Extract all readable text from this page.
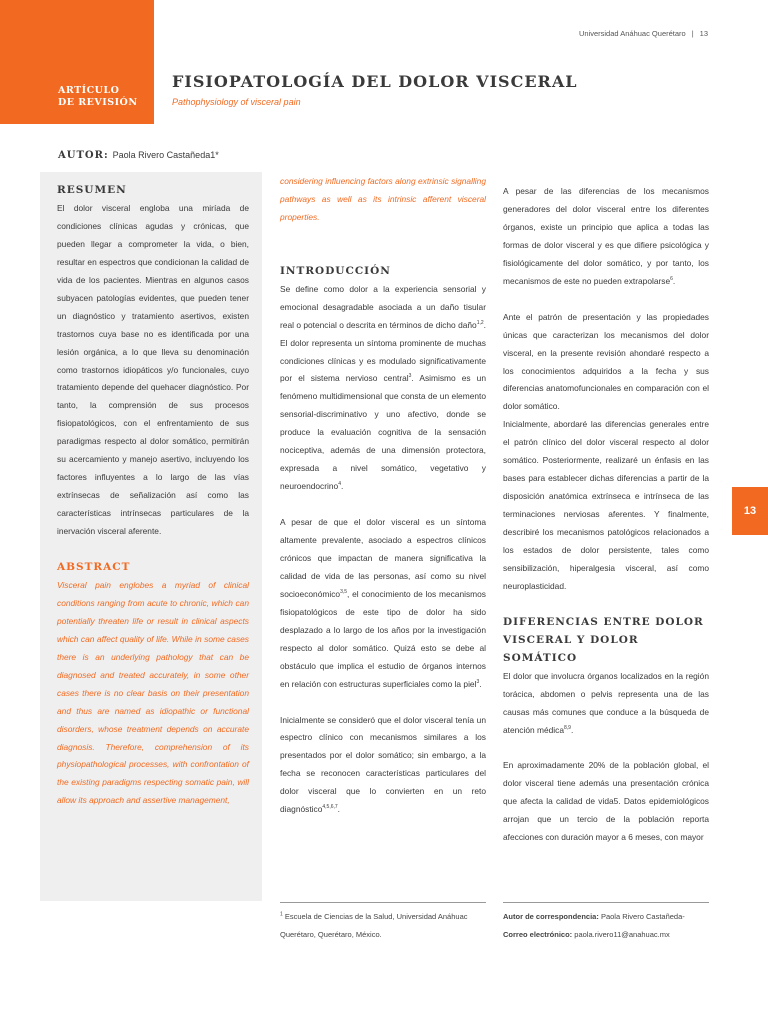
ARTÍCULO
DE REVISIÓN
Universidad Anáhuac Querétaro | 13
FISIOPATOLOGÍA DEL DOLOR VISCERAL
Pathophysiology of visceral pain
AUTOR: Paola Rivero Castañeda1*
RESUMEN

El dolor visceral engloba una miríada de condiciones clínicas agudas y crónicas, que pueden llegar a comprometer la vida, o bien, resultar en espectros que condicionan la calidad de vida de los pacientes. Mientras en algunos casos subyacen patologías evidentes, que pueden tener un diagnóstico y tratamiento asertivos, existen trastornos cuya base no es identificada por una lesión orgánica, a lo que lleva su denominación como trastornos idiopáticos y/o funcionales, cuyo tratamiento depende del quehacer diagnóstico. Por tanto, la comprensión de sus procesos fisiopatológicos, con el enfrentamiento de sus paradigmas respecto al dolor somático, permitirán su acercamiento y manejo asertivo, incluyendo los factores influyentes a lo largo de las vías extrínsecas de señalización así como las características intrínsecas particulares de la inervación visceral aferente.

ABSTRACT

Visceral pain englobes a myriad of clinical conditions ranging from acute to chronic, which can potentially threaten life or result in clinical aspects which can affect quality of life. While in some cases there is an underlying pathology that can be diagnosed and treated accurately, in some other cases there is no clear basis on their presentation and thus are named as idiopathic or functional disorders, whose treatment depends on accurate diagnosis. Therefore, comprehension of its physiopathological processes, with confrontation of the existing paradigms respecting somatic pain, will allow its approach and assertive management,

considering influencing factors along extrinsic signalling pathways as well as its intrinsic afferent visceral properties.

INTRODUCCIÓN

Se define como dolor a la experiencia sensorial y emocional desagradable asociada a un daño tisular real o potencial o descrita en términos de dicho daño$^{1,2}$. El dolor representa un síntoma prominente de muchas condiciones clínicas y es modulado significativamente por el sistema nervioso central$^3$. Asimismo es un fenómeno multidimensional que consta de un elemento sensorial-discriminativo y uno afectivo, donde se produce la evaluación cognitiva de la sensación nociceptiva, además de una dimensión protectora, expresada a nivel somático, vegetativo y neuroendocrino$^4$.

A pesar de que el dolor visceral es un síntoma altamente prevalente, asociado a espectros clínicos crónicos que impactan de manera significativa la calidad de vida de las personas, así como su nivel socioeconómico$^{3,5}$, el conocimiento de los mecanismos fisiopatológicos de este tipo de dolor ha sido desplazado a lo largo de los años por la investigación respecto al dolor somático. Quizá esto se debe al obstáculo que implica el estudio de órganos internos en relación con estructuras superficiales como la piel$^3$.

Inicialmente se consideró que el dolor visceral tenía un espectro clínico con mecanismos similares a los presentados por el dolor somático; sin embargo, a la fecha se reconocen características particulares del dolor visceral que lo convierten en un reto diagnóstico$^{4,5,6,7}$.

A pesar de las diferencias de los mecanismos generadores del dolor visceral entre los diferentes órganos, existe un principio que aplica a todas las formas de dolor visceral y es que difiere psicológica y fisiológicamente del dolor somático, y por tanto, los mecanismos de este no pueden extrapolarse$^6$.

Ante el patrón de presentación y las propiedades únicas que caracterizan los mecanismos del dolor visceral, en la presente revisión ahondaré respecto a los conocimientos adquiridos a la fecha y sus diferencias anatomofuncionales en comparación con el dolor somático.

Inicialmente, abordaré las diferencias generales entre el patrón clínico del dolor visceral respecto al dolor somático. Posteriormente, realizaré un énfasis en las bases para establecer dichas diferencias a partir de la disposición anatómica extrínseca e intrínseca de las terminaciones nerviosas aferentes. Y finalmente, describiré los mecanismos patológicos relacionados a los estados de dolor persistente, tales como sensibilización, hiperalgesia visceral, así como neuroplasticidad.

DIFERENCIAS ENTRE DOLOR VISCERAL Y DOLOR SOMÁTICO

El dolor que involucra órganos localizados en la región torácica, abdomen o pelvis representa una de las causas más comunes que conduce a la búsqueda de atención médica$^{8,9}$.

En aproximadamente 20% de la población global, el dolor visceral tiene además una presentación crónica que afecta la calidad de vida5. Datos epidemiológicos arrojan que un tercio de la población reporta afecciones con duración mayor a 6 meses, con mayor

$^1$ Escuela de Ciencias de la Salud, Universidad Anáhuac Querétaro, Querétaro, México.
Autor de correspondencia: Paola Rivero Castañeda-
Correo electrónico: paola.rivero11@anahuac.mx
13
